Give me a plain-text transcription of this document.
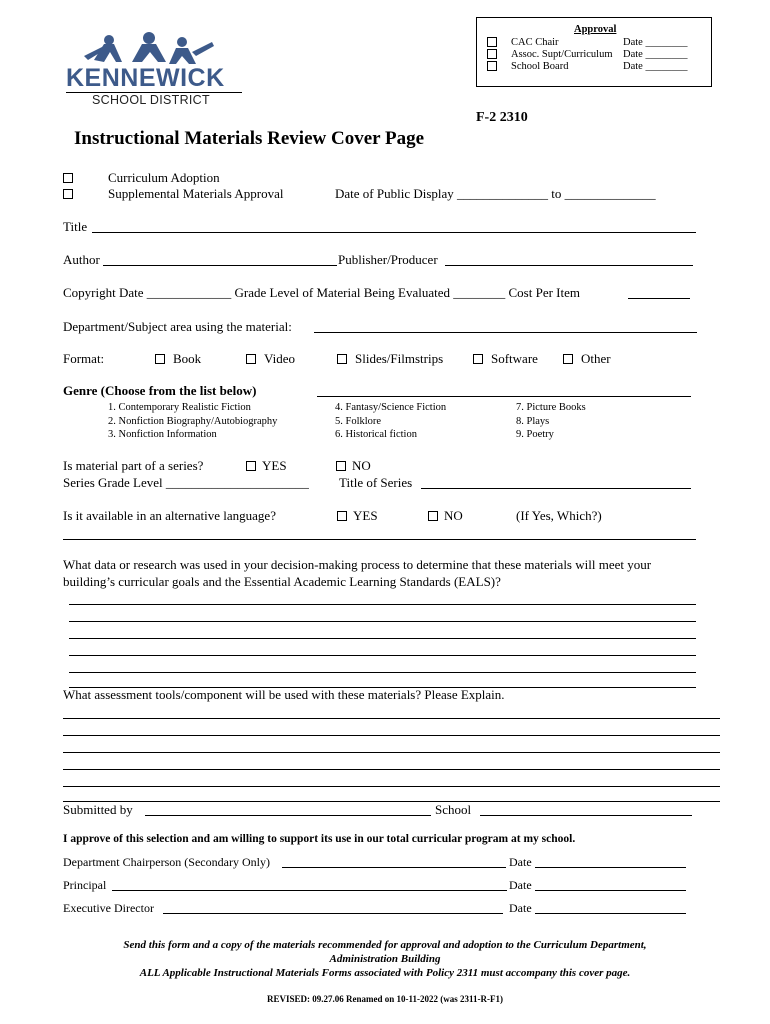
KENNEWICK
SCHOOL DISTRICT
Approval
CAC Chair	Date ________
Assoc. Supt/Curriculum Date ________
School Board	Date ________
F-2 2310
Instructional Materials Review Cover Page
Curriculum Adoption
Supplemental Materials Approval	Date of Public Display ______________ to ______________
Title
Author	Publisher/Producer
Copyright Date _____________ Grade Level of Material Being Evaluated ________ Cost Per Item
Department/Subject area using the material:
Format:	Book	Video	Slides/Filmstrips	Software	Other
Genre (Choose from the list below)
1. Contemporary Realistic Fiction
2. Nonfiction Biography/Autobiography
3. Nonfiction Information
4. Fantasy/Science Fiction
5. Folklore
6. Historical fiction
7. Picture Books
8. Plays
9. Poetry
Is material part of a series?	YES	NO
Series Grade Level ______________________ Title of Series
Is it available in an alternative language?	YES	NO	(If Yes, Which?)
What data or research was used in your decision-making process to determine that these materials will meet your building’s curricular goals and the Essential Academic Learning Standards (EALS)?
What assessment tools/component will be used with these materials? Please Explain.
Submitted by	School
I approve of this selection and am willing to support its use in our total curricular program at my school.
Department Chairperson (Secondary Only)	Date
Principal	Date
Executive Director	Date
Send this form and a copy of the materials recommended for approval and adoption to the Curriculum Department,
Administration Building
ALL Applicable Instructional Materials Forms associated with Policy 2311 must accompany this cover page.
REVISED: 09.27.06 Renamed on 10-11-2022 (was 2311-R-F1)
